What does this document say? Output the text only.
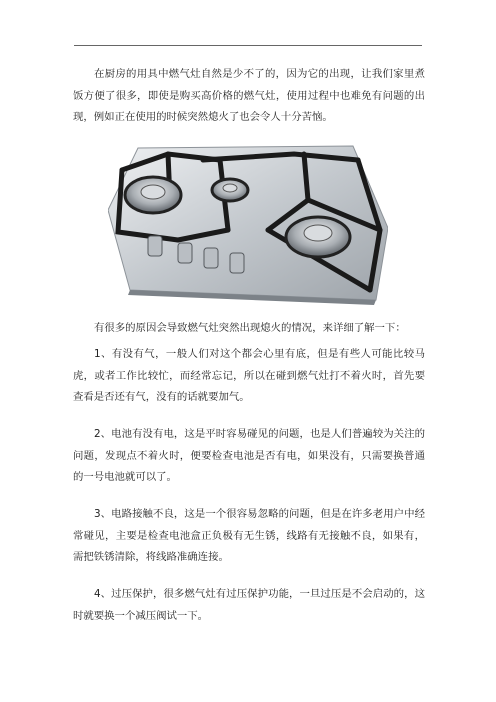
在厨房的用具中燃气灶自然是少不了的，因为它的出现，让我们家里煮饭方便了很多，即使是购买高价格的燃气灶，使用过程中也难免有问题的出现，例如正在使用的时候突然熄火了也会令人十分苦恼。

有很多的原因会导致燃气灶突然出现熄火的情况，来详细了解一下：

1、有没有气，一般人们对这个都会心里有底，但是有些人可能比较马虎，或者工作比较忙，而经常忘记，所以在碰到燃气灶打不着火时，首先要查看是否还有气，没有的话就要加气。

2、电池有没有电，这是平时容易碰见的问题，也是人们普遍较为关注的问题，发现点不着火时，便要检查电池是否有电，如果没有，只需要换普通的一号电池就可以了。

3、电路接触不良，这是一个很容易忽略的问题，但是在许多老用户中经常碰见，主要是检查电池盒正负极有无生锈，线路有无接触不良，如果有，需把铁锈清除，将线路准确连接。

4、过压保护，很多燃气灶有过压保护功能，一旦过压是不会启动的，这时就要换一个减压阀试一下。
